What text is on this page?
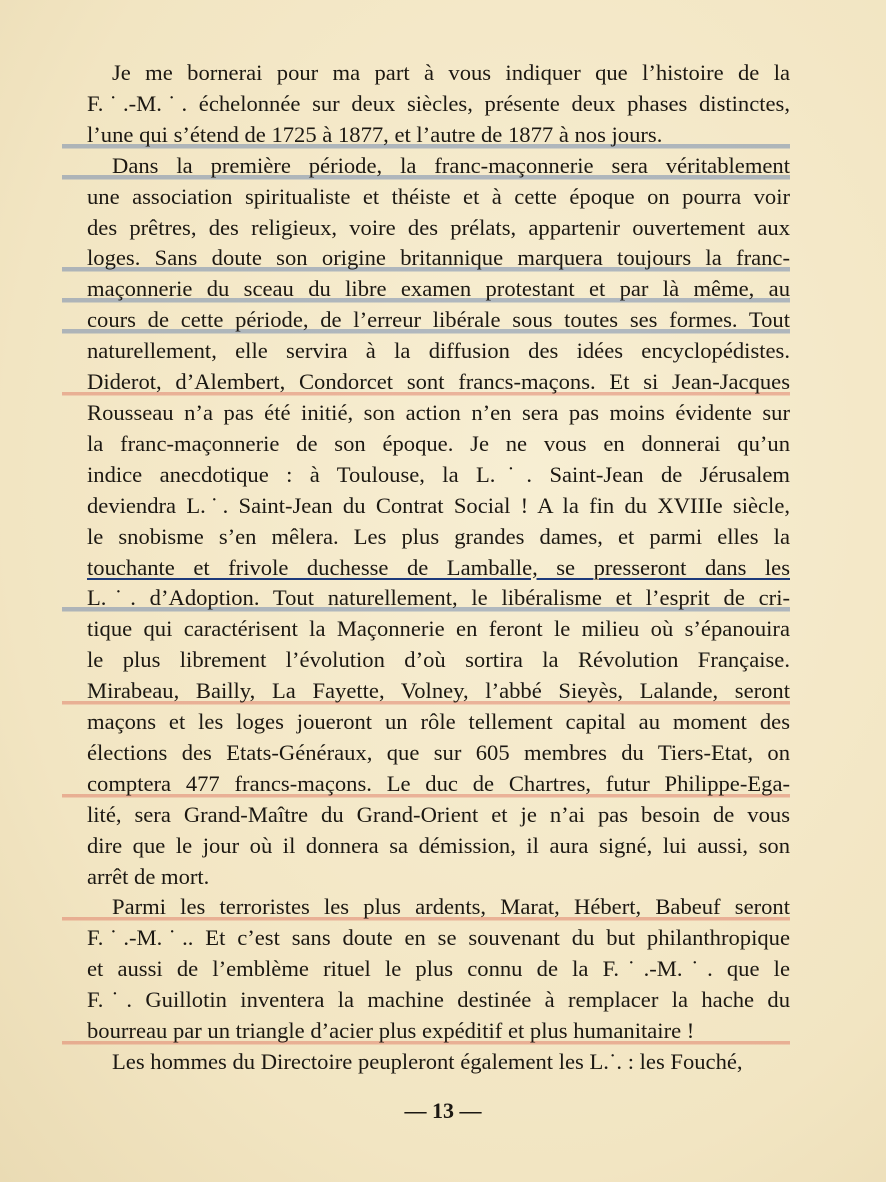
Je me bornerai pour ma part à vous indiquer que l’histoire de la
F.˙.-M.˙. échelonnée sur deux siècles, présente deux phases distinctes,
l’une qui s’étend de 1725 à 1877, et l’autre de 1877 à nos jours.
Dans la première période, la franc-maçonnerie sera véritablement
une association spiritualiste et théiste et à cette époque on pourra voir
des prêtres, des religieux, voire des prélats, appartenir ouvertement aux
loges. Sans doute son origine britannique marquera toujours la franc-
maçonnerie du sceau du libre examen protestant et par là même, au
cours de cette période, de l’erreur libérale sous toutes ses formes. Tout
naturellement, elle servira à la diffusion des idées encyclopédistes.
Diderot, d’Alembert, Condorcet sont francs-maçons. Et si Jean-Jacques
Rousseau n’a pas été initié, son action n’en sera pas moins évidente sur
la franc-maçonnerie de son époque. Je ne vous en donnerai qu’un
indice anecdotique : à Toulouse, la L.˙. Saint-Jean de Jérusalem
deviendra L.˙. Saint-Jean du Contrat Social ! A la fin du XVIIIe siècle,
le snobisme s’en mêlera. Les plus grandes dames, et parmi elles la
touchante et frivole duchesse de Lamballe, se presseront dans les
L.˙. d’Adoption. Tout naturellement, le libéralisme et l’esprit de cri-
tique qui caractérisent la Maçonnerie en feront le milieu où s’épanouira
le plus librement l’évolution d’où sortira la Révolution Française.
Mirabeau, Bailly, La Fayette, Volney, l’abbé Sieyès, Lalande, seront
maçons et les loges joueront un rôle tellement capital au moment des
élections des Etats-Généraux, que sur 605 membres du Tiers-Etat, on
comptera 477 francs-maçons. Le duc de Chartres, futur Philippe-Ega-
lité, sera Grand-Maître du Grand-Orient et je n’ai pas besoin de vous
dire que le jour où il donnera sa démission, il aura signé, lui aussi, son
arrêt de mort.
Parmi les terroristes les plus ardents, Marat, Hébert, Babeuf seront
F.˙.-M.˙.. Et c’est sans doute en se souvenant du but philanthropique
et aussi de l’emblème rituel le plus connu de la F.˙.-M.˙. que le
F.˙. Guillotin inventera la machine destinée à remplacer la hache du
bourreau par un triangle d’acier plus expéditif et plus humanitaire !
Les hommes du Directoire peupleront également les L.˙. : les Fouché,
— 13 —
